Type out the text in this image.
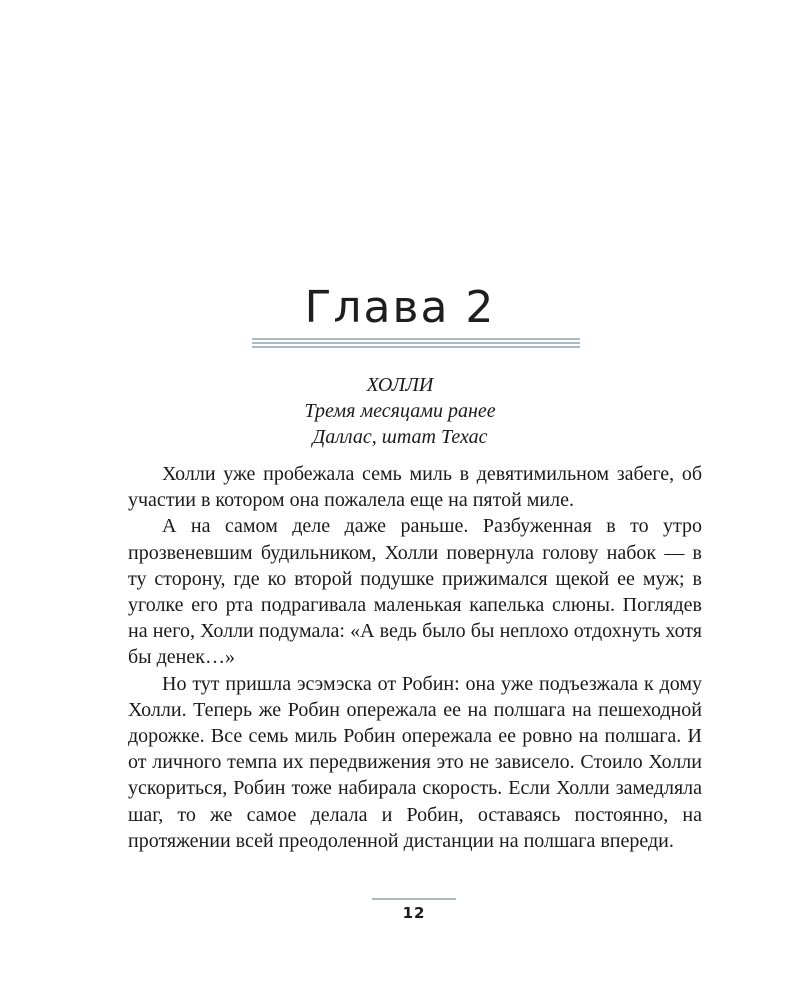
Глава 2
ХОЛЛИ
Тремя месяцами ранее
Даллас, штат Техас

Холли уже пробежала семь миль в девятимильном забеге, об участии в котором она пожалела еще на пятой миле.

А на самом деле даже раньше. Разбуженная в то утро прозвеневшим будильником, Холли повернула голову набок — в ту сторону, где ко второй подушке прижимался щекой ее муж; в уголке его рта подрагивала маленькая капелька слюны. Поглядев на него, Холли подумала: «А ведь было бы неплохо отдохнуть хотя бы денек…»

Но тут пришла эсэмэска от Робин: она уже подъезжала к дому Холли. Теперь же Робин опережала ее на полшага на пешеходной дорожке. Все семь миль Робин опережала ее ровно на полшага. И от личного темпа их передвижения это не зависело. Стоило Холли ускориться, Робин тоже набирала скорость. Если Холли замедляла шаг, то же самое делала и Робин, оставаясь постоянно, на протяжении всей преодоленной дистанции на полшага впереди.

12
